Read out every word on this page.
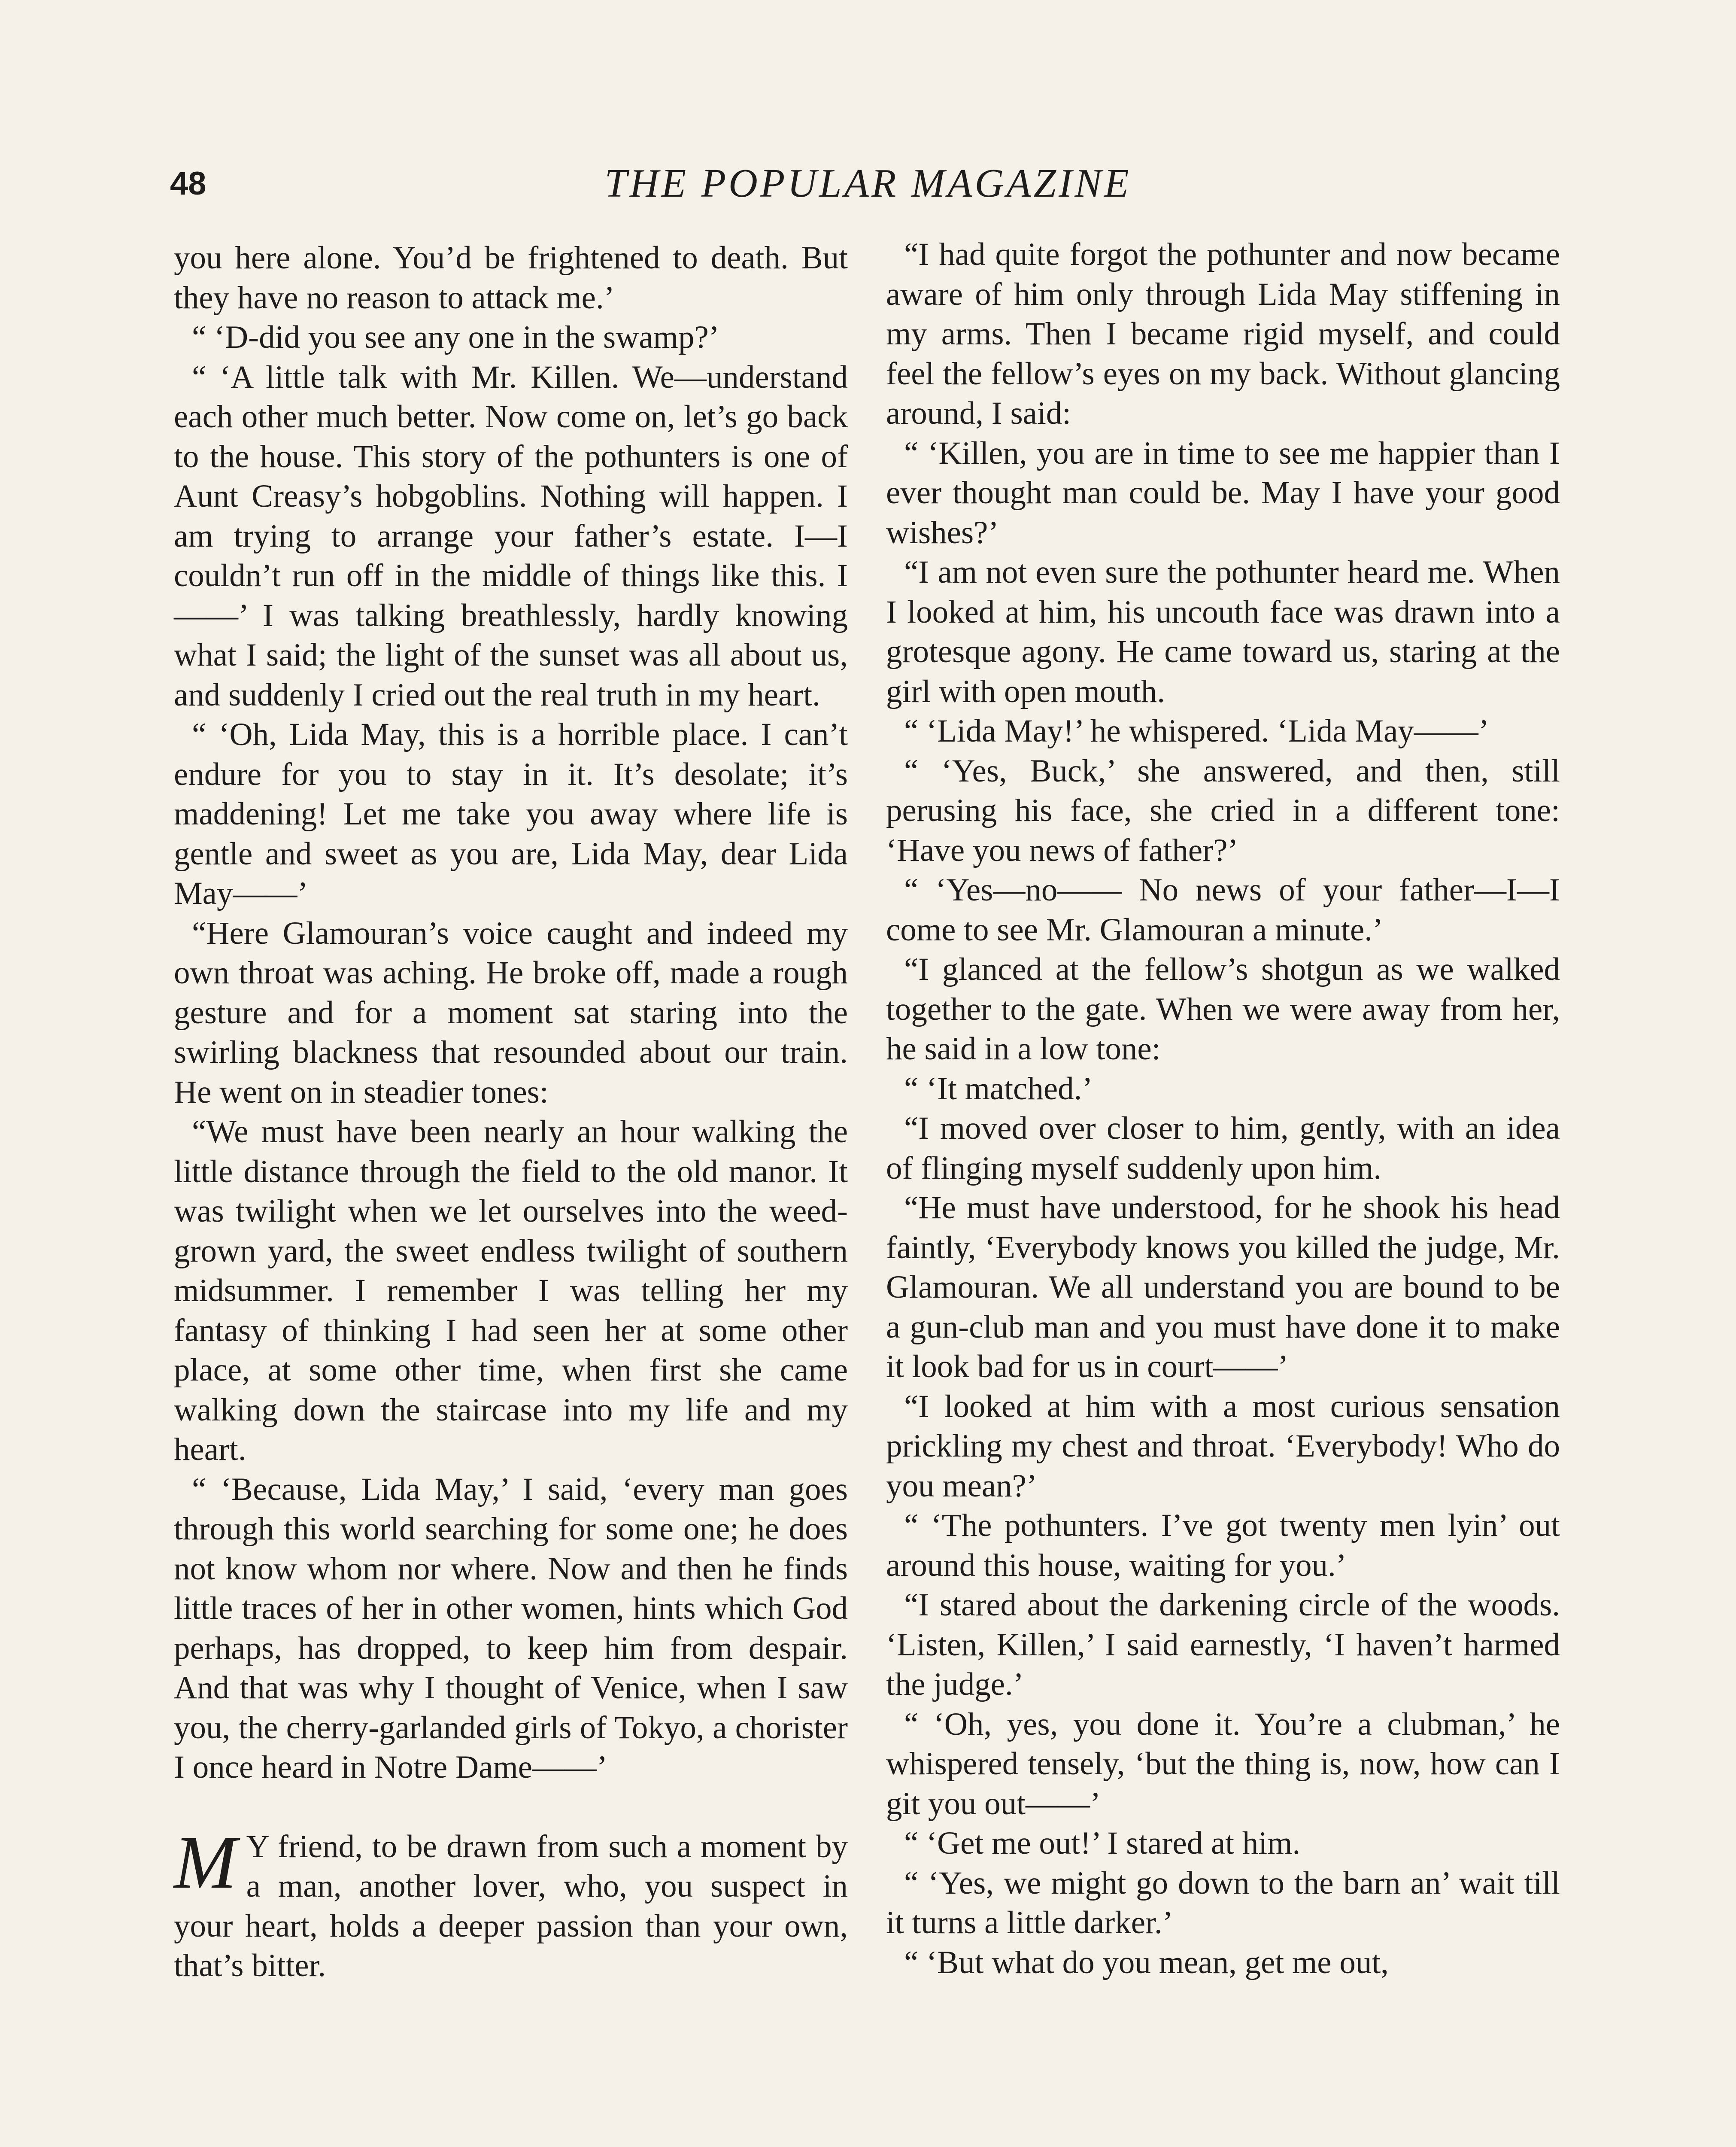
48	THE POPULAR MAGAZINE

you here alone. You’d be frightened to death. But they have no reason to attack me.’

“ ‘D-did you see any one in the swamp?’

“ ‘A little talk with Mr. Killen. We—understand each other much better. Now come on, let’s go back to the house. This story of the pothunters is one of Aunt Creasy’s hobgoblins. Nothing will happen. I am trying to arrange your father’s estate. I—I couldn’t run off in the middle of things like this. I——’ I was talking breathlessly, hardly knowing what I said; the light of the sunset was all about us, and suddenly I cried out the real truth in my heart.

“ ‘Oh, Lida May, this is a horrible place. I can’t endure for you to stay in it. It’s desolate; it’s maddening! Let me take you away where life is gentle and sweet as you are, Lida May, dear Lida May——’

“Here Glamouran’s voice caught and indeed my own throat was aching. He broke off, made a rough gesture and for a moment sat staring into the swirling blackness that resounded about our train. He went on in steadier tones:

“We must have been nearly an hour walking the little distance through the field to the old manor. It was twilight when we let ourselves into the weed-grown yard, the sweet endless twilight of southern midsummer. I remember I was telling her my fantasy of thinking I had seen her at some other place, at some other time, when first she came walking down the staircase into my life and my heart.

“ ‘Because, Lida May,’ I said, ‘every man goes through this world searching for some one; he does not know whom nor where. Now and then he finds little traces of her in other women, hints which God perhaps, has dropped, to keep him from despair. And that was why I thought of Venice, when I saw you, the cherry-garlanded girls of Tokyo, a chorister I once heard in Notre Dame——’

M Y friend, to be drawn from such a moment by a man, another lover, who, you suspect in your heart, holds a deeper passion than your own, that’s bitter.

“I had quite forgot the pothunter and now became aware of him only through Lida May stiffening in my arms. Then I became rigid myself, and could feel the fellow’s eyes on my back. Without glancing around, I said:

“ ‘Killen, you are in time to see me happier than I ever thought man could be. May I have your good wishes?’

“I am not even sure the pothunter heard me. When I looked at him, his uncouth face was drawn into a grotesque agony. He came toward us, staring at the girl with open mouth.

“ ‘Lida May!’ he whispered. ‘Lida May——’

“ ‘Yes, Buck,’ she answered, and then, still perusing his face, she cried in a different tone: ‘Have you news of father?’

“ ‘Yes—no—— No news of your father—I—I come to see Mr. Glamouran a minute.’

“I glanced at the fellow’s shotgun as we walked together to the gate. When we were away from her, he said in a low tone:

“ ‘It matched.’

“I moved over closer to him, gently, with an idea of flinging myself suddenly upon him.

“He must have understood, for he shook his head faintly, ‘Everybody knows you killed the judge, Mr. Glamouran. We all understand you are bound to be a gun-club man and you must have done it to make it look bad for us in court——’

“I looked at him with a most curious sensation prickling my chest and throat. ‘Everybody! Who do you mean?’

“ ‘The pothunters. I’ve got twenty men lyin’ out around this house, waiting for you.’

“I stared about the darkening circle of the woods. ‘Listen, Killen,’ I said earnestly, ‘I haven’t harmed the judge.’

“ ‘Oh, yes, you done it. You’re a clubman,’ he whispered tensely, ‘but the thing is, now, how can I git you out——’

“ ‘Get me out!’ I stared at him.

“ ‘Yes, we might go down to the barn an’ wait till it turns a little darker.’

“ ‘But what do you mean, get me out,
